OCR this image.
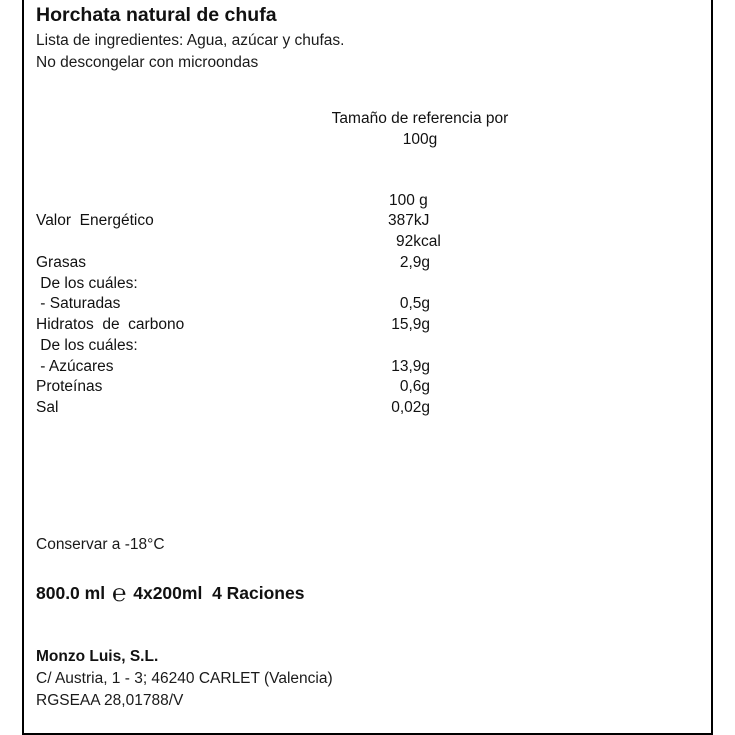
Horchata natural de chufa
Lista de ingredientes: Agua, azúcar y chufas.
No descongelar con microondas
Tamaño de referencia por
100g
100 g
Valor  Energético	387kJ
92kcal
Grasas	2,9g
De los cuáles:
- Saturadas	0,5g
Hidratos  de  carbono	15,9g
De los cuáles:
- Azúcares	13,9g
Proteínas	0,6g
Sal	0,02g
Conservar a -18°C
800.0 ml ℮ 4x200ml 4 Raciones
Monzo Luis, S.L.
C/ Austria, 1 - 3; 46240 CARLET (Valencia)
RGSEAA 28,01788/V
